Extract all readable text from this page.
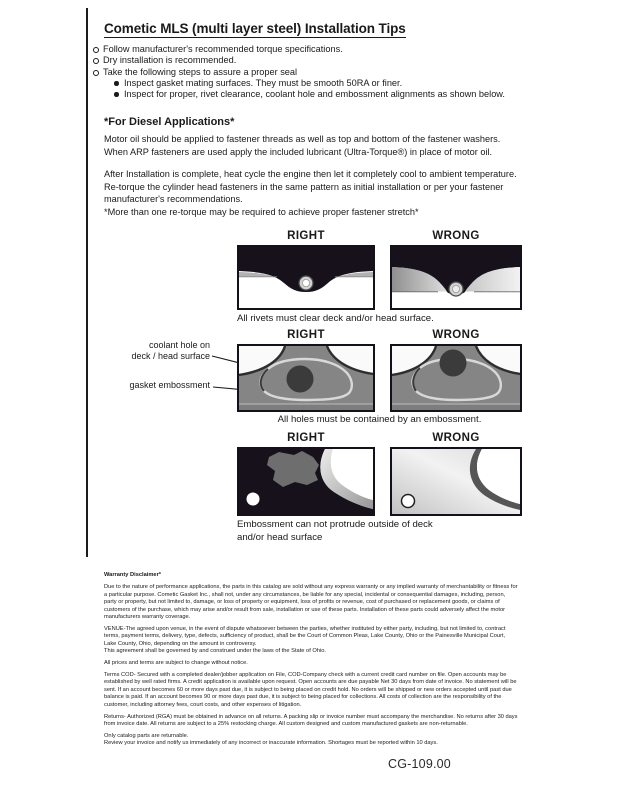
Cometic MLS (multi layer steel) Installation Tips
Follow manufacturer's recommended torque specifications.
Dry installation is recommended.
Take the following steps to assure a proper seal
Inspect gasket mating surfaces. They must be smooth 50RA or finer.
Inspect for proper, rivet clearance, coolant hole and embossment alignments as shown below.
*For Diesel Applications*

Motor oil should be applied to fastener threads as well as top and bottom of the fastener washers. When ARP fasteners are used apply the included lubricant (Ultra-Torque®) in place of motor oil.

After Installation is complete, heat cycle the engine then let it completely cool to ambient temperature. Re-torque the cylinder head fasteners in the same pattern as initial installation or per your fastener manufacturer's recommendations.

*More than one re-torque may be required to achieve proper fastener stretch*

RIGHT	WRONG
All rivets must clear deck and/or head surface.
RIGHT	WRONG
coolant hole on
deck / head surface
gasket embossment
All holes must be contained by an embossment.
RIGHT	WRONG
Embossment can not protrude outside of deck
and/or head surface
Warranty Disclaimer*

Due to the nature of performance applications, the parts in this catalog are sold without any express warranty or any implied warranty of merchantability or fitness for a particular purpose. Cometic Gasket Inc., shall not, under any circumstances, be liable for any special, incidental or consequential damages, including, person, party or property, but not limited to, damage, or loss of property or equipment, loss of profits or revenue, cost of purchased or replacement goods, or claims of customers of the purchase, which may arise and/or result from sale, installation or use of these parts. Installation of these parts could adversely affect the motor manufacturers warranty coverage.

VENUE-The agreed upon venue, in the event of dispute whatsoever between the parties, whether instituted by either party, including, but not limited to, contract terms, payment terms, delivery, type, defects, sufficiency of product, shall be the Court of Common Pleas, Lake County, Ohio or the Painesville Municipal Court, Lake County, Ohio, depending on the amount in controversy.

This agreement shall be governed by and construed under the laws of the State of Ohio.

All prices and terms are subject to change without notice.

Terms COD- Secured with a completed dealer/jobber application on File, COD-Company check with a current credit card number on file. Open accounts may be established by well rated firms. A credit application is available upon request. Open accounts are due payable Net 30 days from date of invoice. No statement will be sent. If an account becomes 60 or more days past due, it is subject to being placed on credit hold. No orders will be shipped or new orders accepted until past due balance is paid. If an account becomes 90 or more days past due, it is subject to being placed for collections. All costs of collection are the responsibility of the customer, including attorney fees, court costs, and other expenses of litigation.

Returns- Authorized (RGA) must be obtained in advance on all returns. A packing slip or invoice number must accompany the merchandise. No returns after 30 days from invoice date. All returns are subject to a 25% restocking charge. All custom designed and custom manufactured gaskets are non-returnable.

Only catalog parts are returnable.

Review your invoice and notify us immediately of any incorrect or inaccurate information. Shortages must be reported within 10 days.

CG-109.00
